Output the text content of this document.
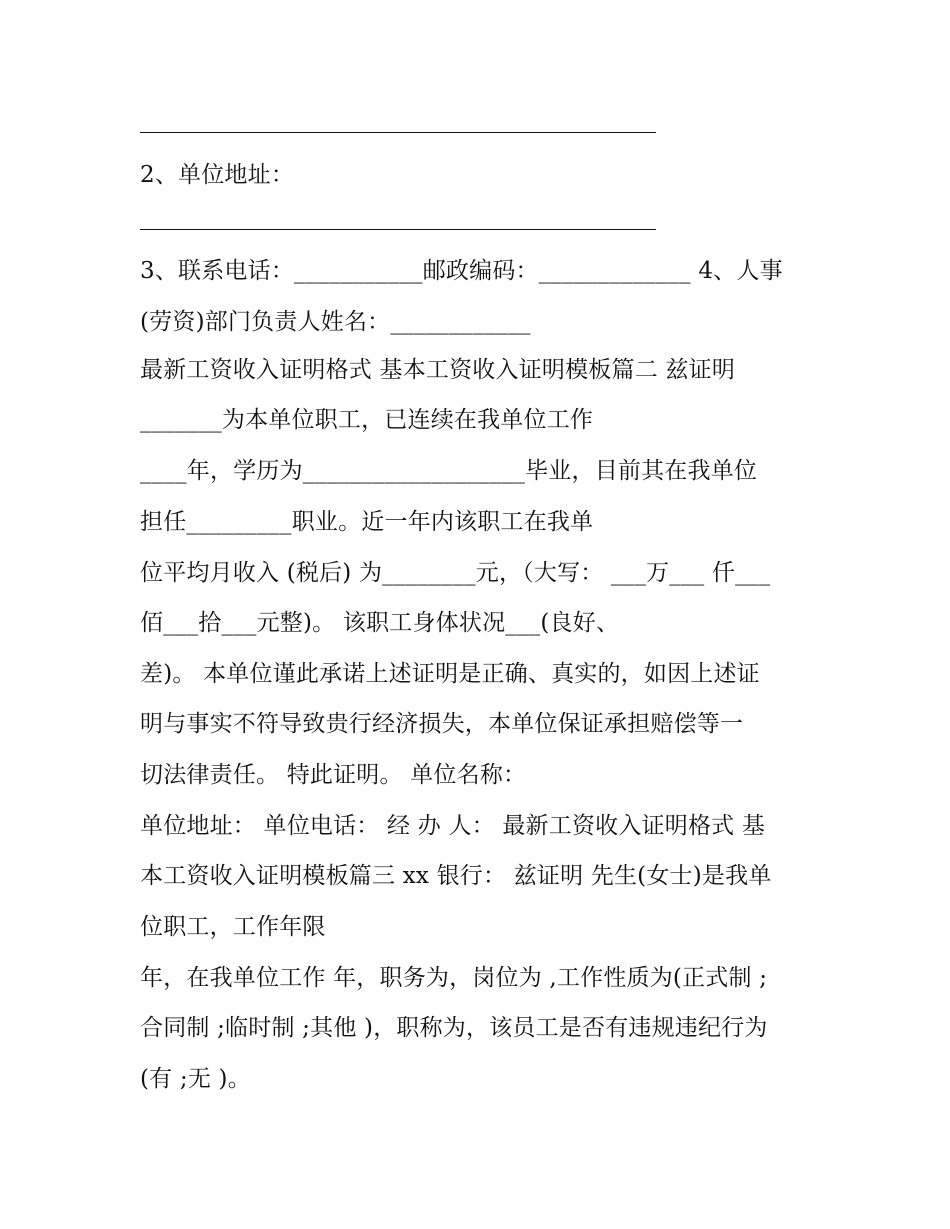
2、单位地址：
3、联系电话：___________邮政编码：_____________ 4、人事
(劳资)部门负责人姓名：____________
最新工资收入证明格式 基本工资收入证明模板篇二 兹证明
_______为本单位职工，已连续在我单位工作
____年，学历为___________________毕业，目前其在我单位
担任_________职业。近一年内该职工在我单
位平均月收入 (税后) 为________元，（大写： ___万___ 仟___
佰___拾___元整)。 该职工身体状况___(良好、
差)。 本单位谨此承诺上述证明是正确、真实的，如因上述证
明与事实不符导致贵行经济损失，本单位保证承担赔偿等一
切法律责任。 特此证明。 单位名称：
单位地址： 单位电话： 经 办 人： 最新工资收入证明格式 基
本工资收入证明模板篇三 xx 银行： 兹证明 先生(女士)是我单
位职工，工作年限
年，在我单位工作 年，职务为，岗位为 ,工作性质为(正式制 ;
合同制 ;临时制 ;其他 )，职称为，该员工是否有违规违纪行为
(有 ;无 )。
